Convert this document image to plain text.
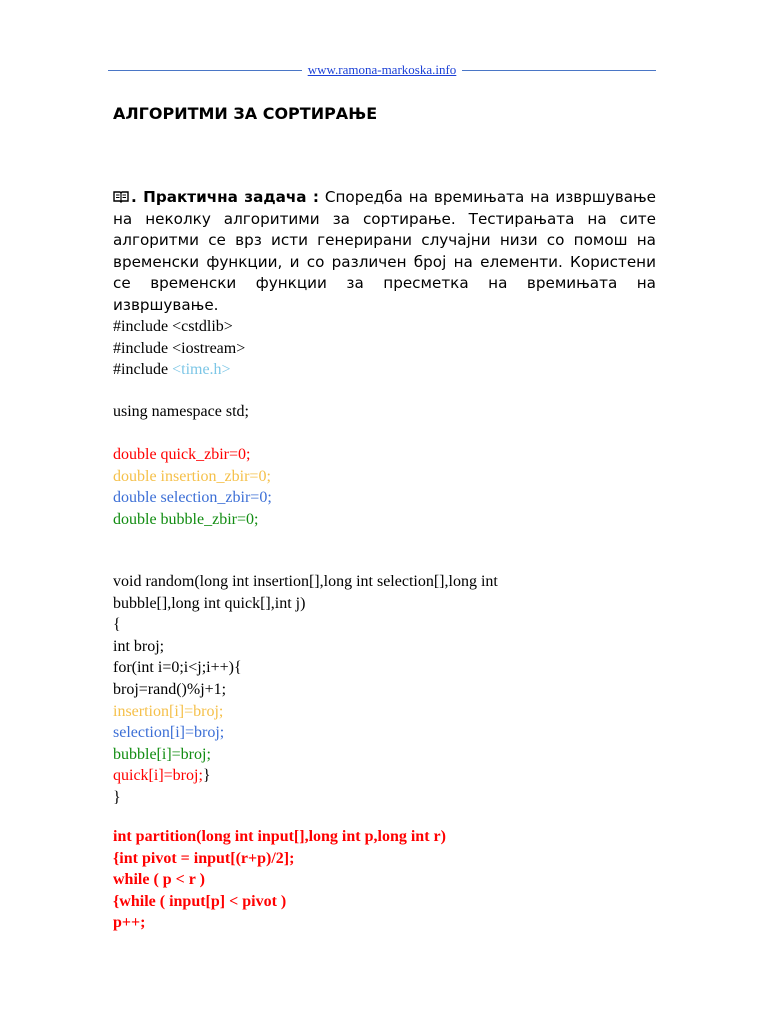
www.ramona-markoska.info
АЛГОРИТМИ ЗА СОРТИРАЊЕ
. Практична задача : Споредба на времињата на извршување на неколку алгоритими за сортирање. Тестирањата на сите алгоритми се врз исти генерирани случајни низи со помош на временски функции, и со различен број на елементи. Користени се временски функции за пресметка на времињата на извршување.
#include <cstdlib>
#include <iostream>
#include <time.h>
using namespace std;
double quick_zbir=0;
double insertion_zbir=0;
double selection_zbir=0;
double bubble_zbir=0;
void random(long int insertion[],long int selection[],long int
bubble[],long int quick[],int j)
{
int broj;
for(int i=0;i<j;i++){
broj=rand()%j+1;
insertion[i]=broj;
selection[i]=broj;
bubble[i]=broj;
quick[i]=broj;}
}
int partition(long int input[],long int p,long int r)
{int pivot = input[(r+p)/2];
while ( p < r )
{while ( input[p] < pivot )
p++;
